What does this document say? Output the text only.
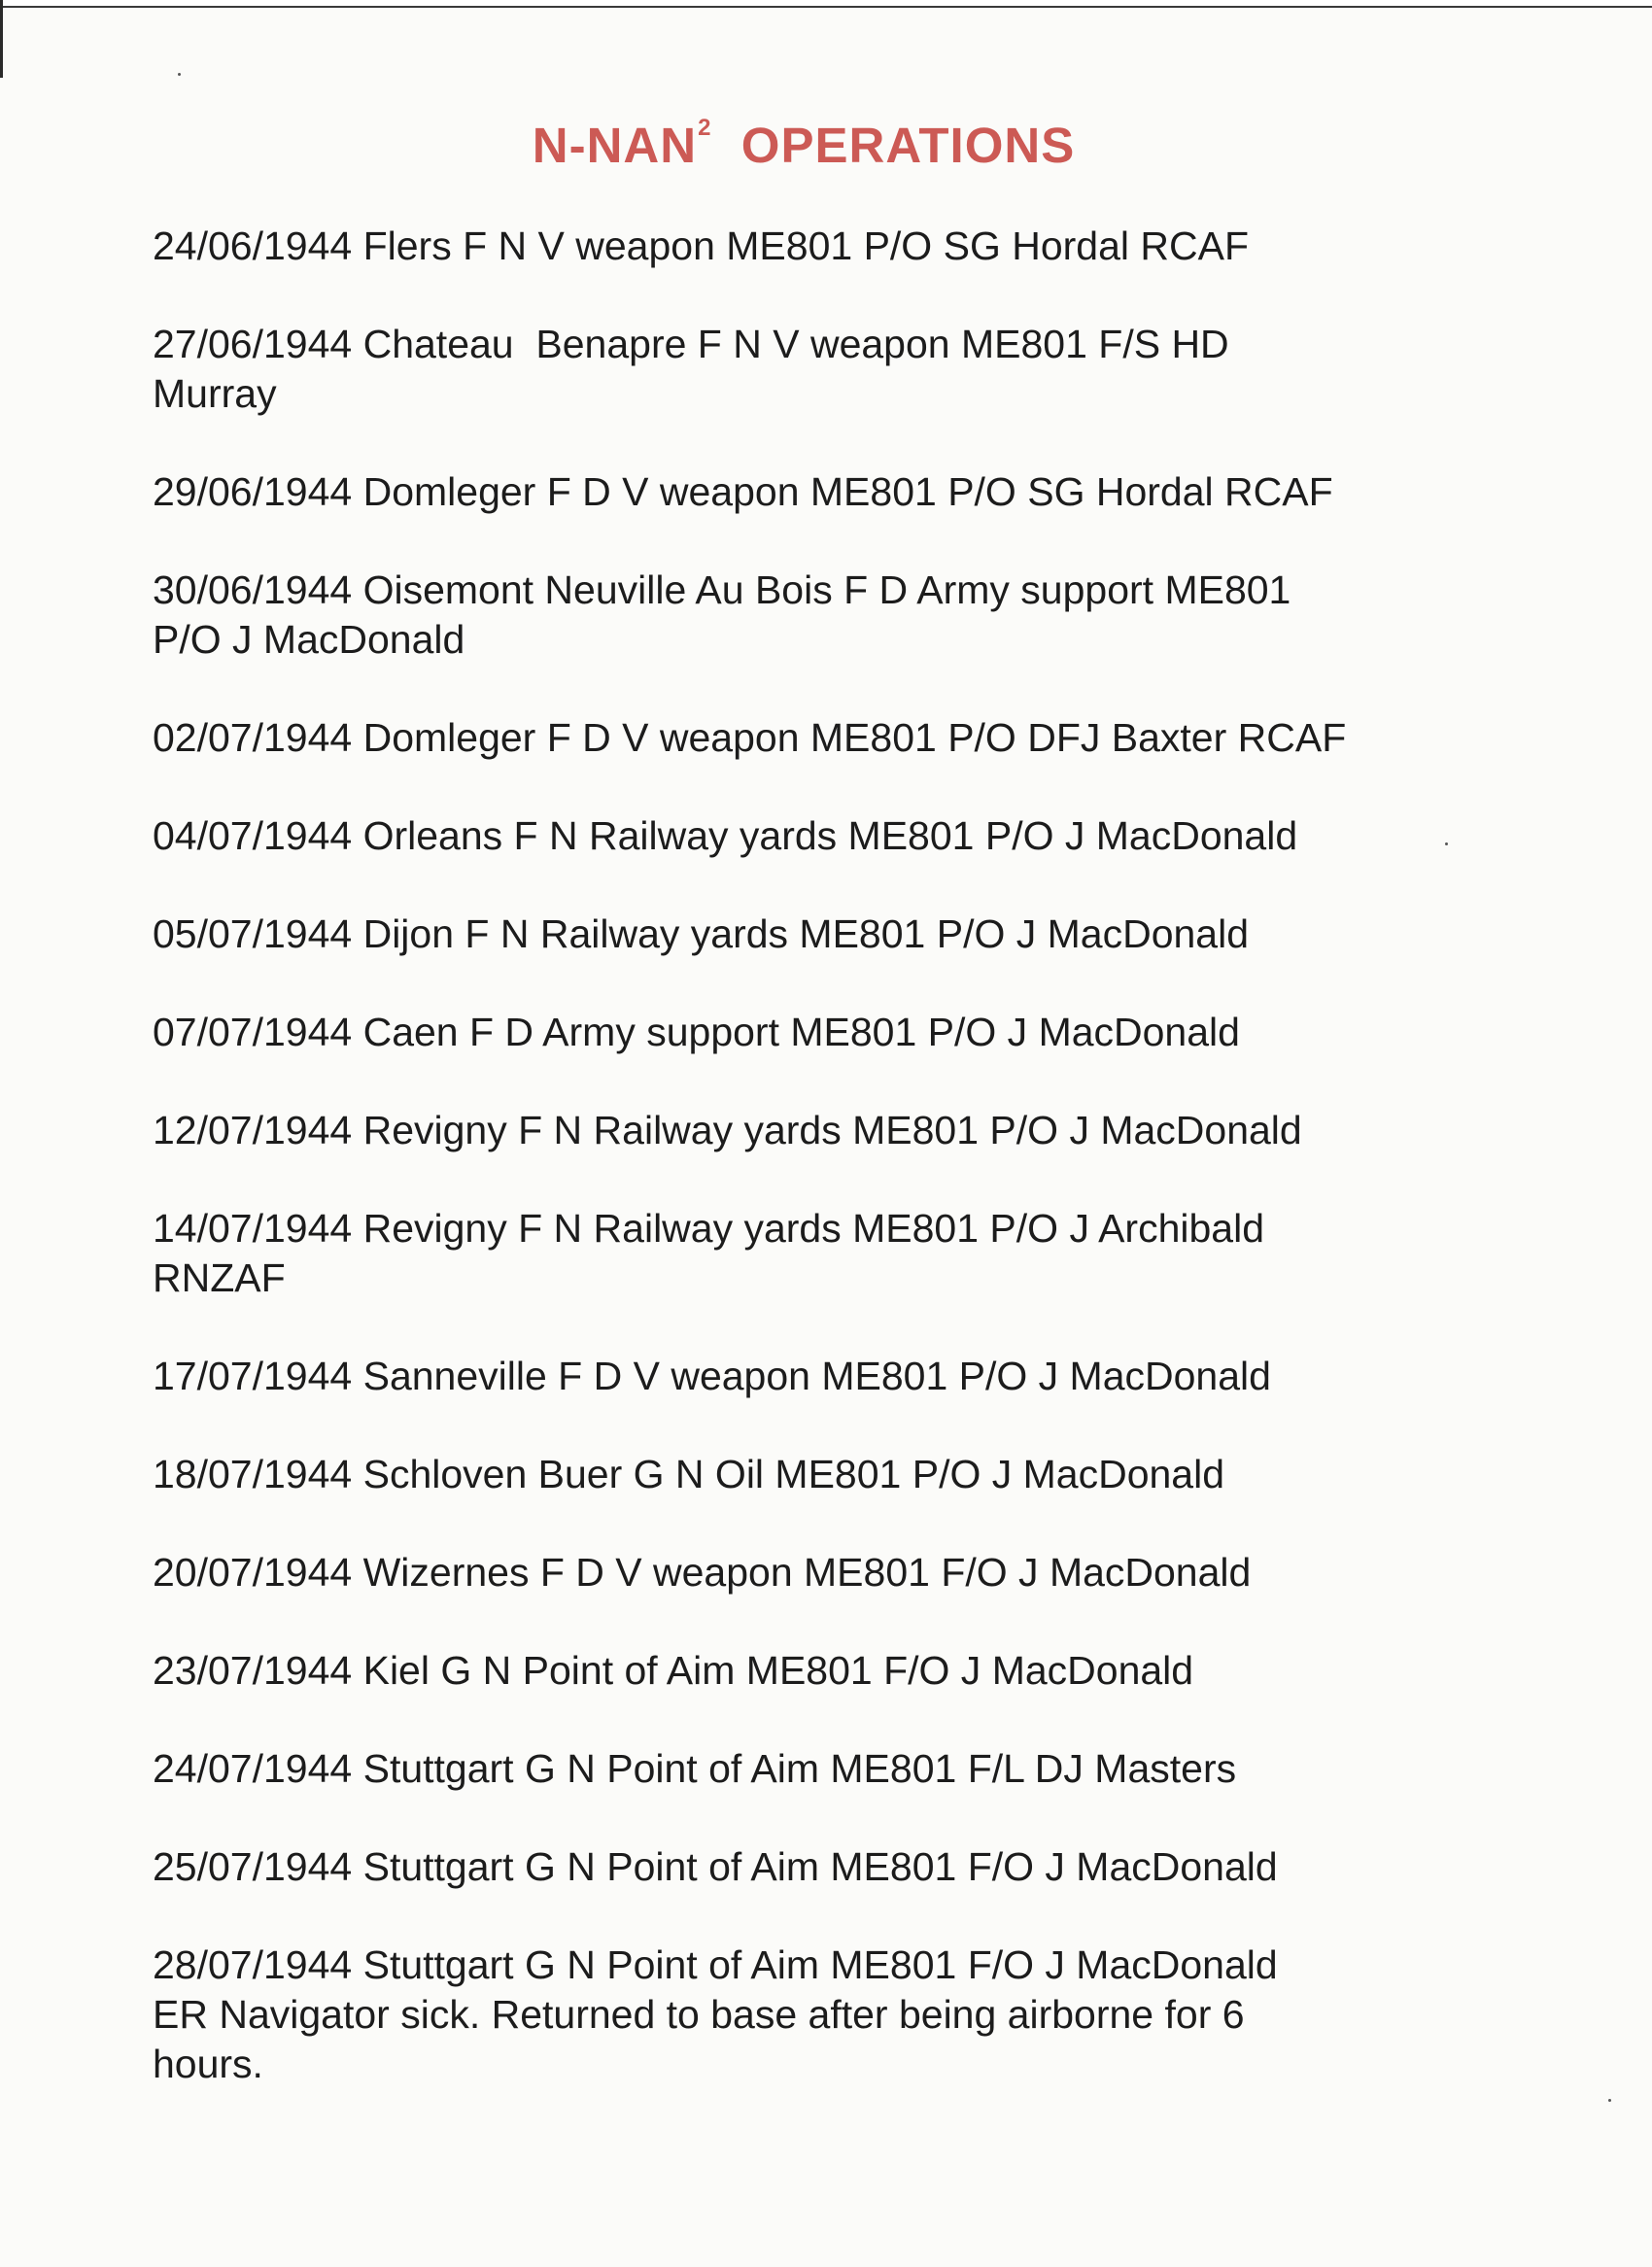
N-NAN$^2$ OPERATIONS

24/06/1944 Flers F N V weapon ME801 P/O SG Hordal RCAF

27/06/1944 Chateau  Benapre F N V weapon ME801 F/S HD
Murray

29/06/1944 Domleger F D V weapon ME801 P/O SG Hordal RCAF

30/06/1944 Oisemont Neuville Au Bois F D Army support ME801
P/O J MacDonald

02/07/1944 Domleger F D V weapon ME801 P/O DFJ Baxter RCAF

04/07/1944 Orleans F N Railway yards ME801 P/O J MacDonald

05/07/1944 Dijon F N Railway yards ME801 P/O J MacDonald

07/07/1944 Caen F D Army support ME801 P/O J MacDonald

12/07/1944 Revigny F N Railway yards ME801 P/O J MacDonald

14/07/1944 Revigny F N Railway yards ME801 P/O J Archibald
RNZAF

17/07/1944 Sanneville F D V weapon ME801 P/O J MacDonald

18/07/1944 Schloven Buer G N Oil ME801 P/O J MacDonald

20/07/1944 Wizernes F D V weapon ME801 F/O J MacDonald

23/07/1944 Kiel G N Point of Aim ME801 F/O J MacDonald

24/07/1944 Stuttgart G N Point of Aim ME801 F/L DJ Masters

25/07/1944 Stuttgart G N Point of Aim ME801 F/O J MacDonald

28/07/1944 Stuttgart G N Point of Aim ME801 F/O J MacDonald
ER Navigator sick. Returned to base after being airborne for 6
hours.
